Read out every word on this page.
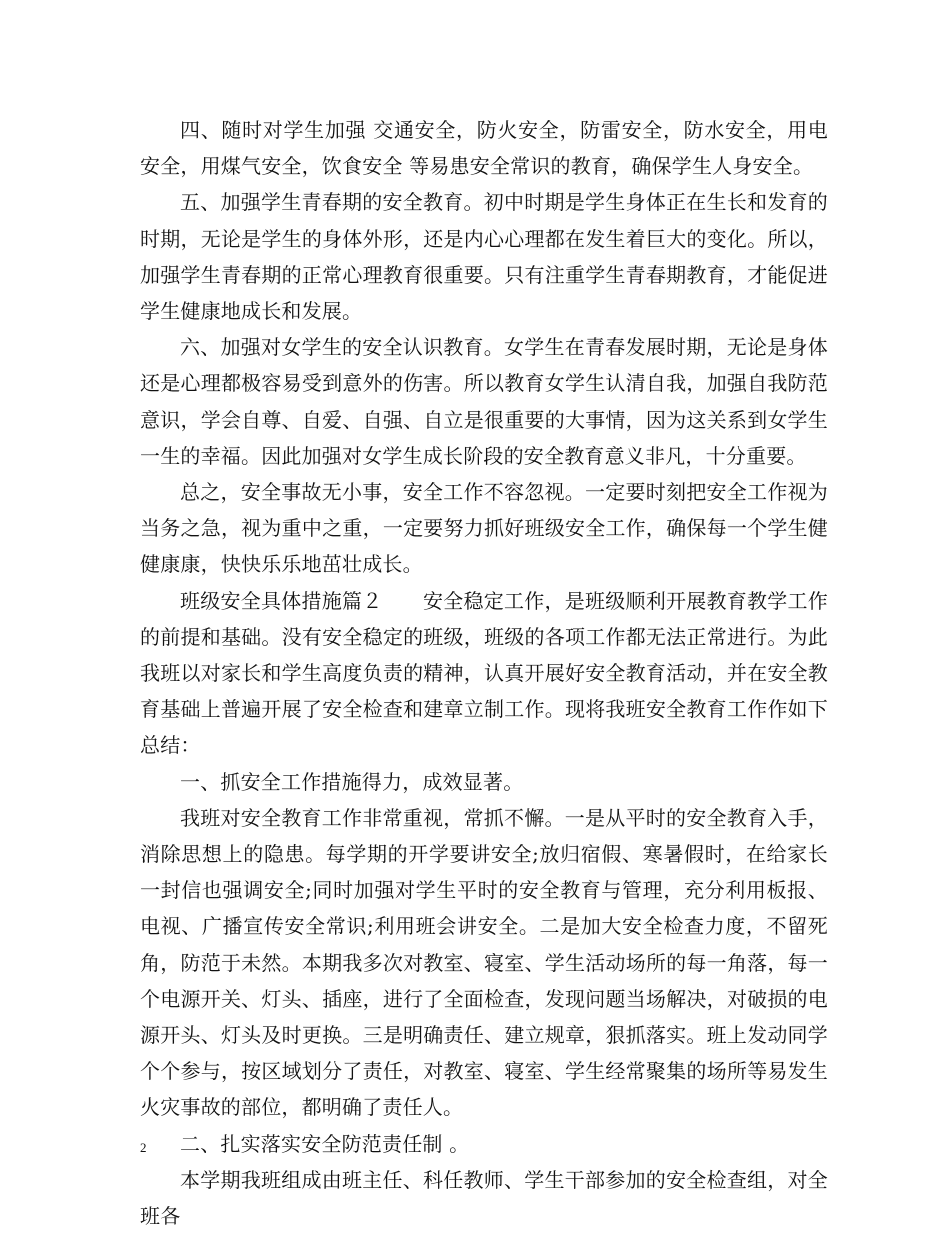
四、随时对学生加强 交通安全，防火安全，防雷安全，防水安全，用电安全，用煤气安全，饮食安全 等易患安全常识的教育，确保学生人身安全。

五、加强学生青春期的安全教育。初中时期是学生身体正在生长和发育的时期，无论是学生的身体外形，还是内心心理都在发生着巨大的变化。所以，加强学生青春期的正常心理教育很重要。只有注重学生青春期教育，才能促进学生健康地成长和发展。

六、加强对女学生的安全认识教育。女学生在青春发展时期，无论是身体还是心理都极容易受到意外的伤害。所以教育女学生认清自我，加强自我防范意识，学会自尊、自爱、自强、自立是很重要的大事情，因为这关系到女学生一生的幸福。因此加强对女学生成长阶段的安全教育意义非凡，十分重要。

总之，安全事故无小事，安全工作不容忽视。一定要时刻把安全工作视为当务之急，视为重中之重，一定要努力抓好班级安全工作，确保每一个学生健健康康，快快乐乐地茁壮成长。

班级安全具体措施篇２　　安全稳定工作，是班级顺利开展教育教学工作的前提和基础。没有安全稳定的班级，班级的各项工作都无法正常进行。为此我班以对家长和学生高度负责的精神，认真开展好安全教育活动，并在安全教育基础上普遍开展了安全检查和建章立制工作。现将我班安全教育工作作如下总结：

一、抓安全工作措施得力，成效显著。

我班对安全教育工作非常重视，常抓不懈。一是从平时的安全教育入手，消除思想上的隐患。每学期的开学要讲安全;放归宿假、寒暑假时，在给家长一封信也强调安全;同时加强对学生平时的安全教育与管理，充分利用板报、电视、广播宣传安全常识;利用班会讲安全。二是加大安全检查力度，不留死角，防范于未然。本期我多次对教室、寝室、学生活动场所的每一角落，每一个电源开关、灯头、插座，进行了全面检查，发现问题当场解决，对破损的电源开头、灯头及时更换。三是明确责任、建立规章，狠抓落实。班上发动同学个个参与，按区域划分了责任，对教室、寝室、学生经常聚集的场所等易发生火灾事故的部位，都明确了责任人。

二、扎实落实安全防范责任制 。

本学期我班组成由班主任、科任教师、学生干部参加的安全检查组，对全班各

2
